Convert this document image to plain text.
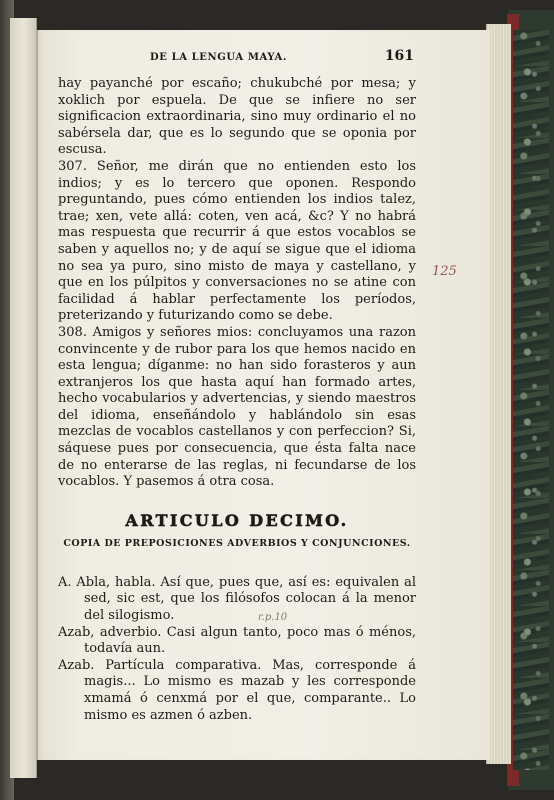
DE LA LENGUA MAYA.	161

hay payanché por escaño; chukubché por mesa; y xoklich por espuela. De que se infiere no ser significacion extraordinaria, sino muy ordinario el no sabérsela dar, que es lo segundo que se oponia por escusa.

307. Señor, me dirán que no entienden esto los indios; y es lo tercero que oponen. Respondo preguntando, pues cómo entienden los indios talez, trae; xen, vete allá: coten, ven acá, &c? Y no habrá mas respuesta que recurrir á que estos vocablos se saben y aquellos no; y de aquí se sigue que el idioma no sea ya puro, sino misto de maya y castellano, y que en los púlpitos y conversaciones no se atine con facilidad á hablar perfectamente los períodos, preterizando y futurizando como se debe.

308. Amigos y señores mios: concluyamos una razon convincente y de rubor para los que hemos nacido en esta lengua; díganme: no han sido forasteros y aun extranjeros los que hasta aquí han formado artes, hecho vocabularios y advertencias, y siendo maestros del idioma, enseñándolo y hablándolo sin esas mezclas de vocablos castellanos y con perfeccion? Si, sáquese pues por consecuencia, que ésta falta nace de no enterarse de las reglas, ni fecundarse de los vocablos. Y pasemos á otra cosa.

ARTICULO DECIMO.
COPIA DE PREPOSICIONES ADVERBIOS Y CONJUNCIONES.

A. Abla, habla. Así que, pues que, así es: equivalen al sed, sic est, que los filósofos colocan á la menor del silogismo.

Azab, adverbio. Casi algun tanto, poco mas ó ménos, todavía aun.

Azab. Partícula comparativa. Mas, corresponde á magis... Lo mismo es mazab y les corresponde xmamá ó cenxmá por el que, comparante.. Lo mismo es azmen ó azben.

125
r.p.10
